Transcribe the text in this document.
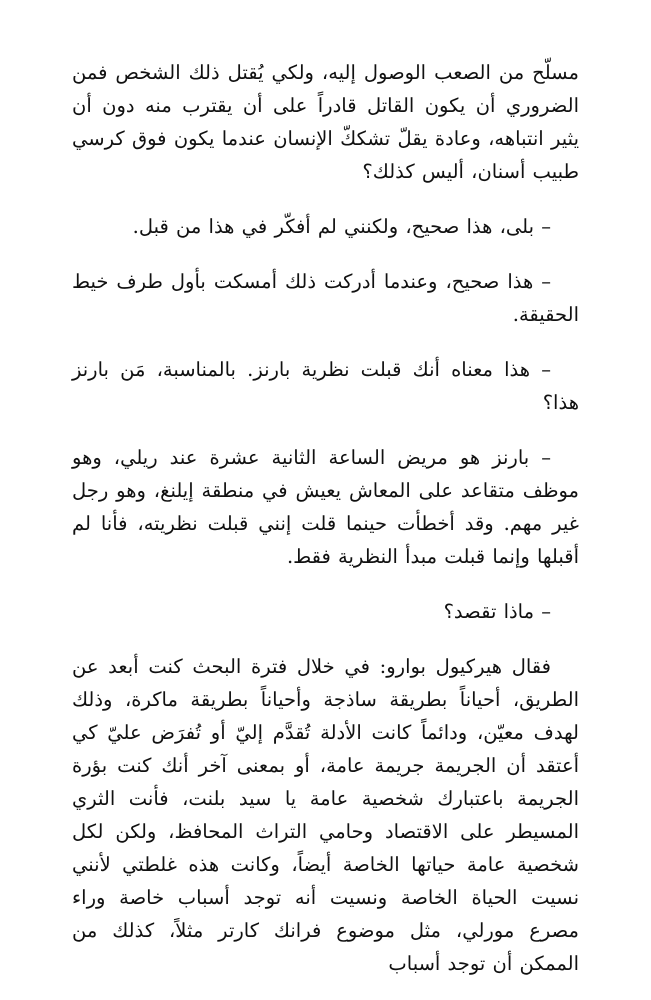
مسلّح من الصعب الوصول إليه، ولكي يُقتل ذلك الشخص فمن الضروري أن يكون القاتل قادراً على أن يقترب منه دون أن يثير انتباهه، وعادة يقلّ تشككّ الإنسان عندما يكون فوق كرسي طبيب أسنان، أليس كذلك؟

– بلى، هذا صحيح، ولكنني لم أفكّر في هذا من قبل.

– هذا صحيح، وعندما أدركت ذلك أمسكت بأول طرف خيط الحقيقة.

– هذا معناه أنك قبلت نظرية بارنز. بالمناسبة، مَن بارنز هذا؟

– بارنز هو مريض الساعة الثانية عشرة عند ريلي، وهو موظف متقاعد على المعاش يعيش في منطقة إيلنغ، وهو رجل غير مهم. وقد أخطأت حينما قلت إنني قبلت نظريته، فأنا لم أقبلها وإنما قبلت مبدأ النظرية فقط.

– ماذا تقصد؟

فقال هيركيول بوارو: في خلال فترة البحث كنت أبعد عن الطريق، أحياناً بطريقة ساذجة وأحياناً بطريقة ماكرة، وذلك لهدف معيّن، ودائماً كانت الأدلة تُقدَّم إليّ أو تُفرَض عليّ كي أعتقد أن الجريمة جريمة عامة، أو بمعنى آخر أنك كنت بؤرة الجريمة باعتبارك شخصية عامة يا سيد بلنت، فأنت الثري المسيطر على الاقتصاد وحامي التراث المحافظ، ولكن لكل شخصية عامة حياتها الخاصة أيضاً، وكانت هذه غلطتي لأنني نسيت الحياة الخاصة ونسيت أنه توجد أسباب خاصة وراء مصرع مورلي، مثل موضوع فرانك كارتر مثلاً، كذلك من الممكن أن توجد أسباب
